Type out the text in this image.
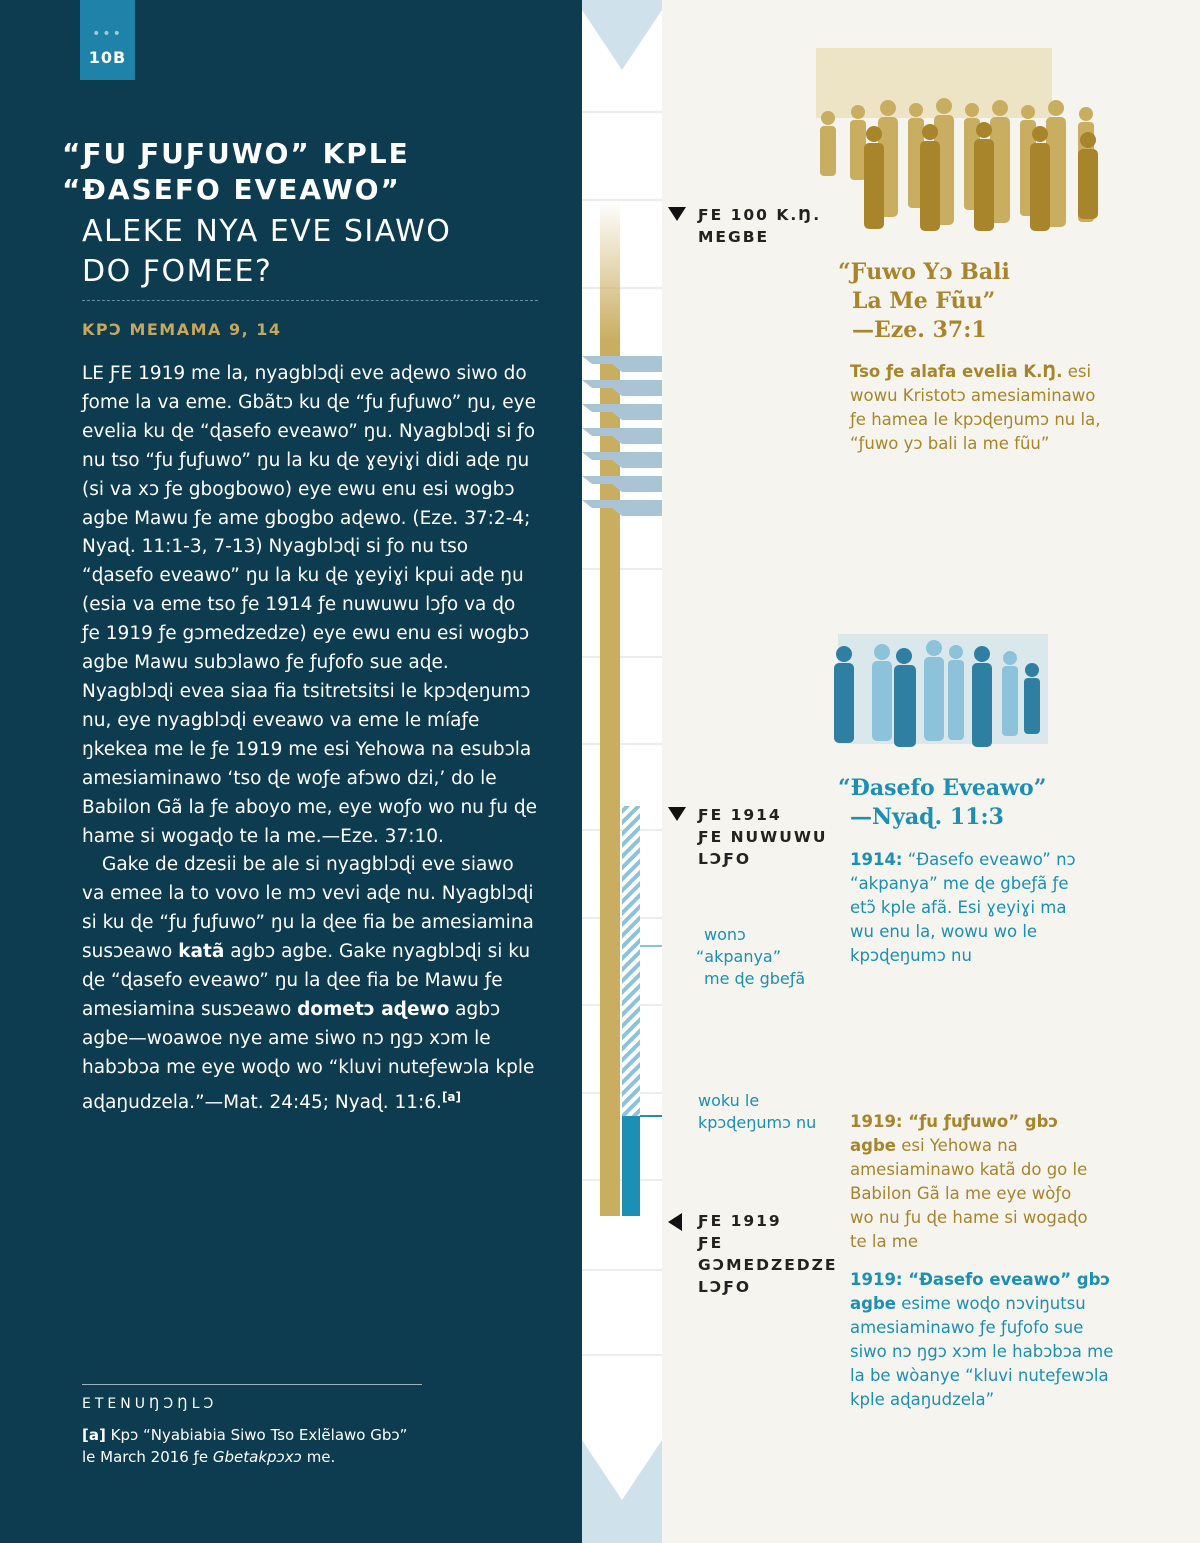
•••
10B
“ƑU ƑUƑUWO” KPLE
“ƉASEFO EVEAWO”
ALEKE NYA EVE SIAWO
DO ƑOMEE?
KPƆ MEMAMA 9, 14

LE ƑE 1919 me la, nyagblɔɖi eve aɖewo siwo do ƒome la va eme. Gbãtɔ ku ɖe “ƒu ƒuƒuwo” ŋu, eye evelia ku ɖe “ɖasefo eveawo” ŋu. Nyagblɔɖi si ƒo nu tso “ƒu ƒuƒuwo” ŋu la ku ɖe ɣeyiɣi didi aɖe ŋu (si va xɔ ƒe gbogbowo) eye ewu enu esi wogbɔ agbe Mawu ƒe ame gbogbo aɖewo. (Eze. 37:2-4; Nyaɖ. 11:1-3, 7-13) Nyagblɔɖi si ƒo nu tso “ɖasefo eveawo” ŋu la ku ɖe ɣeyiɣi kpui aɖe ŋu (esia va eme tso ƒe 1914 ƒe nuwuwu lɔƒo va ɖo ƒe 1919 ƒe gɔmedzedze) eye ewu enu esi wogbɔ agbe Mawu subɔlawo ƒe ƒuƒofo sue aɖe. Nyagblɔɖi evea siaa fia tsitretsitsi le kpɔɖeŋumɔ nu, eye nyagblɔɖi eveawo va eme le míaƒe ŋkekea me le ƒe 1919 me esi Yehowa na esubɔla amesiaminawo ‘tso ɖe woƒe afɔwo dzi,’ do le Babilon Gã la ƒe aboyo me, eye woƒo wo nu ƒu ɖe hame si wogaɖo te la me.—Eze. 37:10.

Gake de dzesii be ale si nyagblɔɖi eve siawo va emee la to vovo le mɔ vevi aɖe nu. Nyagblɔɖi si ku ɖe “ƒu ƒuƒuwo” ŋu la ɖee fia be amesiamina susɔeawo katã agbɔ agbe. Gake nyagblɔɖi si ku ɖe “ɖasefo eveawo” ŋu la ɖee fia be Mawu ƒe amesiamina susɔeawo dometɔ aɖewo agbɔ agbe—woawoe nye ame siwo nɔ ŋgɔ xɔm le habɔbɔa me eye woɖo wo “kluvi nuteƒewɔla kple aɖaŋudzela.”—Mat. 24:45; Nyaɖ. 11:6.[a]

ETENUŊƆŊLƆ
[a] Kpɔ “Nyabiabia Siwo Tso Exlẽlawo Gbɔ” le March 2016 ƒe Gbetakpɔxɔ me.
ƑE 100 K.Ŋ.
MEGBE
“Ƒuwo Yɔ Bali
La Me Fũu”
—Eze. 37:1
Tso ƒe alafa evelia K.Ŋ. esi wowu Kristotɔ amesiaminawo ƒe hamea le kpɔɖeŋumɔ nu la, “ƒuwo yɔ bali la me fũu”
“Ɖasefo Eveawo”
—Nyaɖ. 11:3
1914: “Ɖasefo eveawo” nɔ “akpanya” me ɖe gbeƒã ƒe etɔ̃ kple afã. Esi ɣeyiɣi ma wu enu la, wowu wo le kpɔɖeŋumɔ nu
ƑE 1914
ƑE NUWUWU
LƆƑO
wonɔ
“akpanya”
me ɖe gbeƒã
woku le
kpɔɖeŋumɔ nu 1919: “ƒu ƒuƒuwo” gbɔ agbe esi Yehowa na amesiaminawo katã do go le Babilon Gã la me eye wòƒo wo nu ƒu ɖe hame si wogaɖo te la me
ƑE 1919
ƑE
GƆMEDZEDZE
LƆƑO	1919: “Ɖasefo eveawo” gbɔ
agbe esime woɖo nɔviŋutsu amesiaminawo ƒe ƒuƒofo sue siwo nɔ ŋgɔ xɔm le habɔbɔa me la be wòanye “kluvi nuteƒewɔla kple aɖaŋudzela”
